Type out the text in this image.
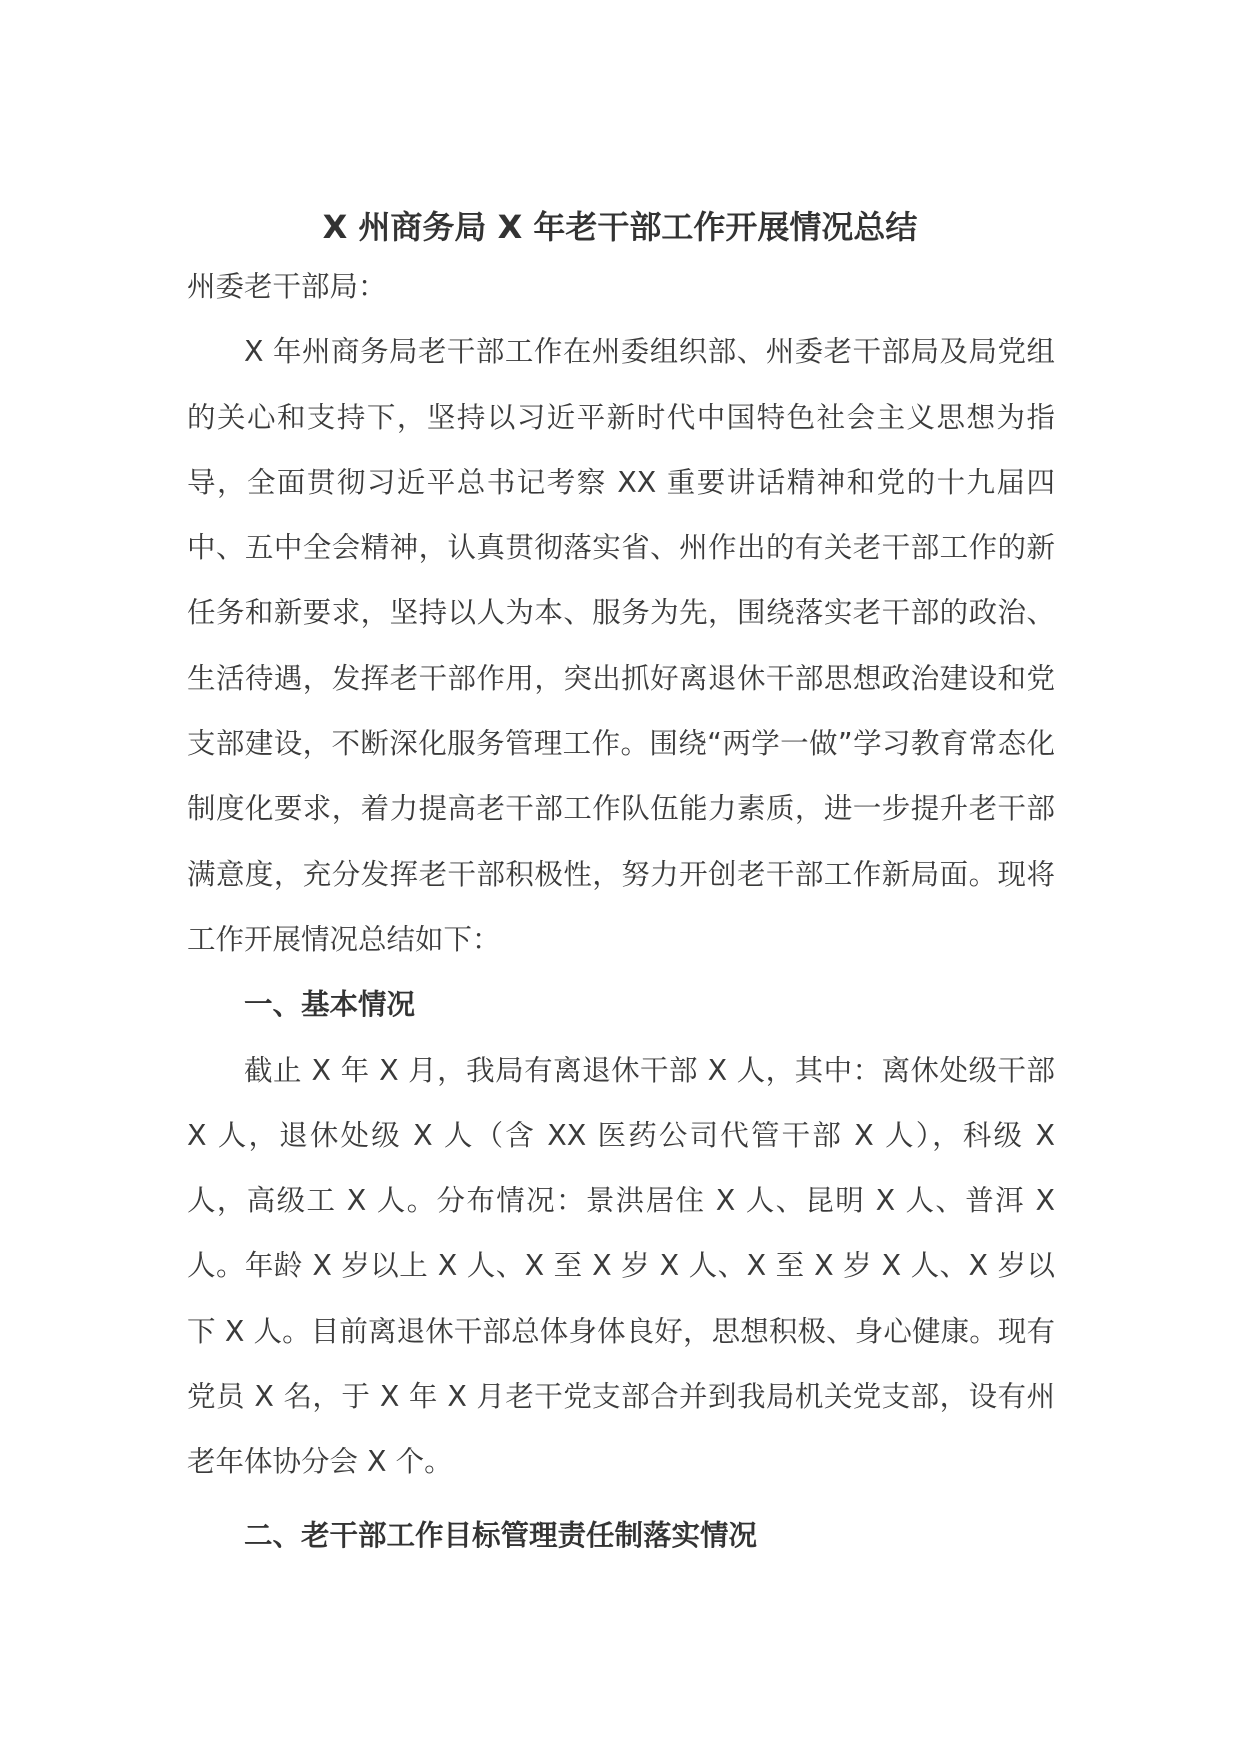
X 州商务局 X 年老干部工作开展情况总结

州委老干部局：

X 年州商务局老干部工作在州委组织部、州委老干部局及局党组的关心和支持下，坚持以习近平新时代中国特色社会主义思想为指导，全面贯彻习近平总书记考察 XX 重要讲话精神和党的十九届四中、五中全会精神，认真贯彻落实省、州作出的有关老干部工作的新任务和新要求，坚持以人为本、服务为先，围绕落实老干部的政治、生活待遇，发挥老干部作用，突出抓好离退休干部思想政治建设和党支部建设，不断深化服务管理工作。围绕“两学一做”学习教育常态化制度化要求，着力提高老干部工作队伍能力素质，进一步提升老干部满意度，充分发挥老干部积极性，努力开创老干部工作新局面。现将工作开展情况总结如下：

一、基本情况

截止 X 年 X 月，我局有离退休干部 X 人，其中：离休处级干部 X 人，退休处级 X 人（含 XX 医药公司代管干部 X 人），科级 X 人，高级工 X 人。分布情况：景洪居住 X 人、昆明 X 人、普洱 X 人。年龄 X 岁以上 X 人、X 至 X 岁 X 人、X 至 X 岁 X 人、X 岁以下 X 人。目前离退休干部总体身体良好，思想积极、身心健康。现有党员 X 名，于 X 年 X 月老干党支部合并到我局机关党支部，设有州老年体协分会 X 个。

二、老干部工作目标管理责任制落实情况
